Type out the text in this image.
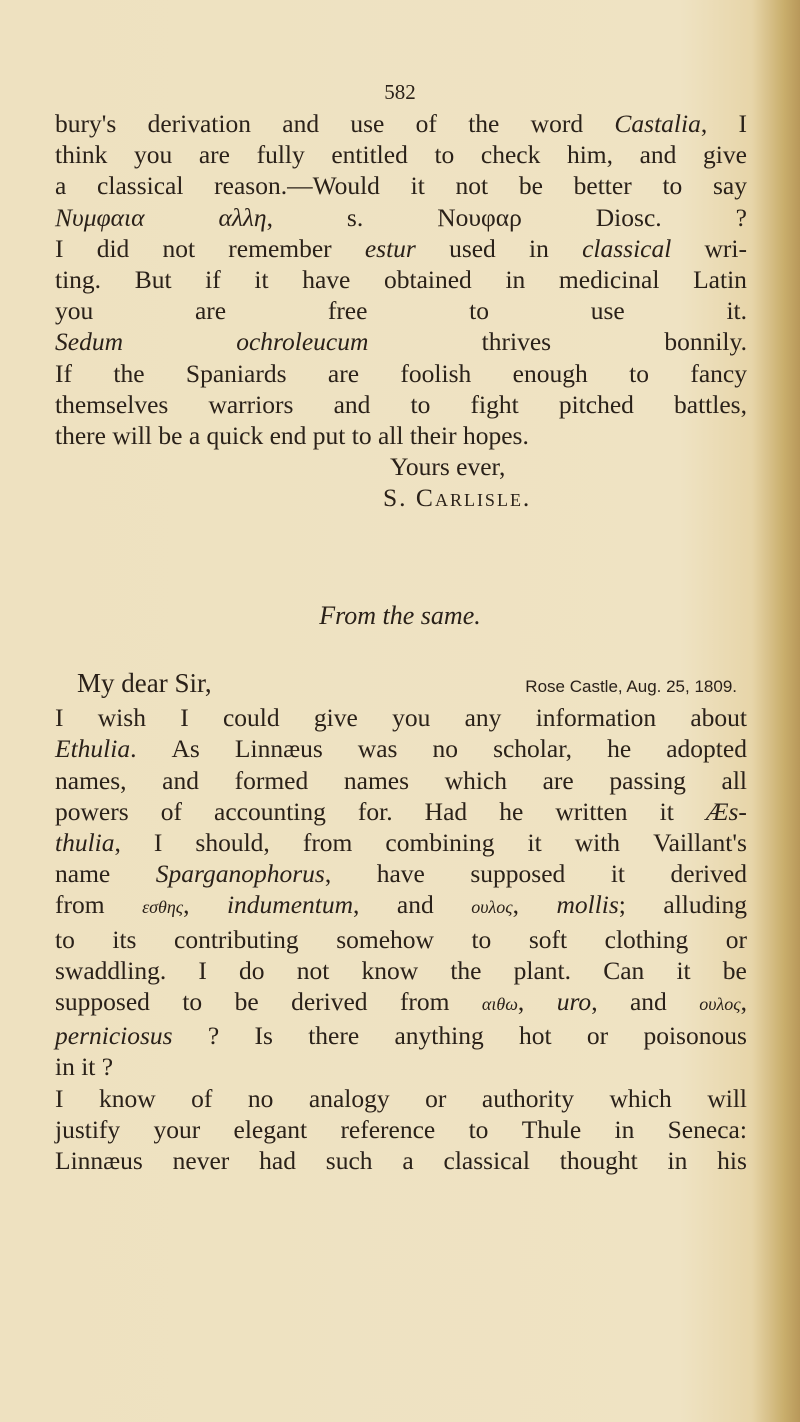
582
bury's derivation and use of the word Castalia, I
think you are fully entitled to check him, and give
a classical reason.—Would it not be better to say
Νυμφαια	αλλη,	s.	Νουφαρ	Diosc.	?
I did not remember estur used in classical wri-
ting. But if it have obtained in medicinal Latin
you	are	free	to	use	it.
Sedum	ochroleucum	thrives	bonnily.
If the Spaniards are foolish enough to fancy
themselves warriors and to fight pitched battles,
there will be a quick end put to all their hopes.
Yours ever,
S. Carlisle.
From the same.
My dear Sir,	Rose Castle, Aug. 25, 1809.
I wish I could give you any information about
Ethulia. As Linnæus was no scholar, he adopted
names, and formed names which are passing all
powers of accounting for. Had he written it Æs-
thulia, I should, from combining it with Vaillant's
name Sparganophorus, have supposed it derived
from εσθης, indumentum, and ουλος, mollis; alluding
to its contributing somehow to soft clothing or
swaddling. I do not know the plant. Can it be
supposed to be derived from αιθω, uro, and ουλος,
perniciosus ? Is there anything hot or poisonous
in it ?
I know of no analogy or authority which will
justify your elegant reference to Thule in Seneca:
Linnæus never had such a classical thought in his
